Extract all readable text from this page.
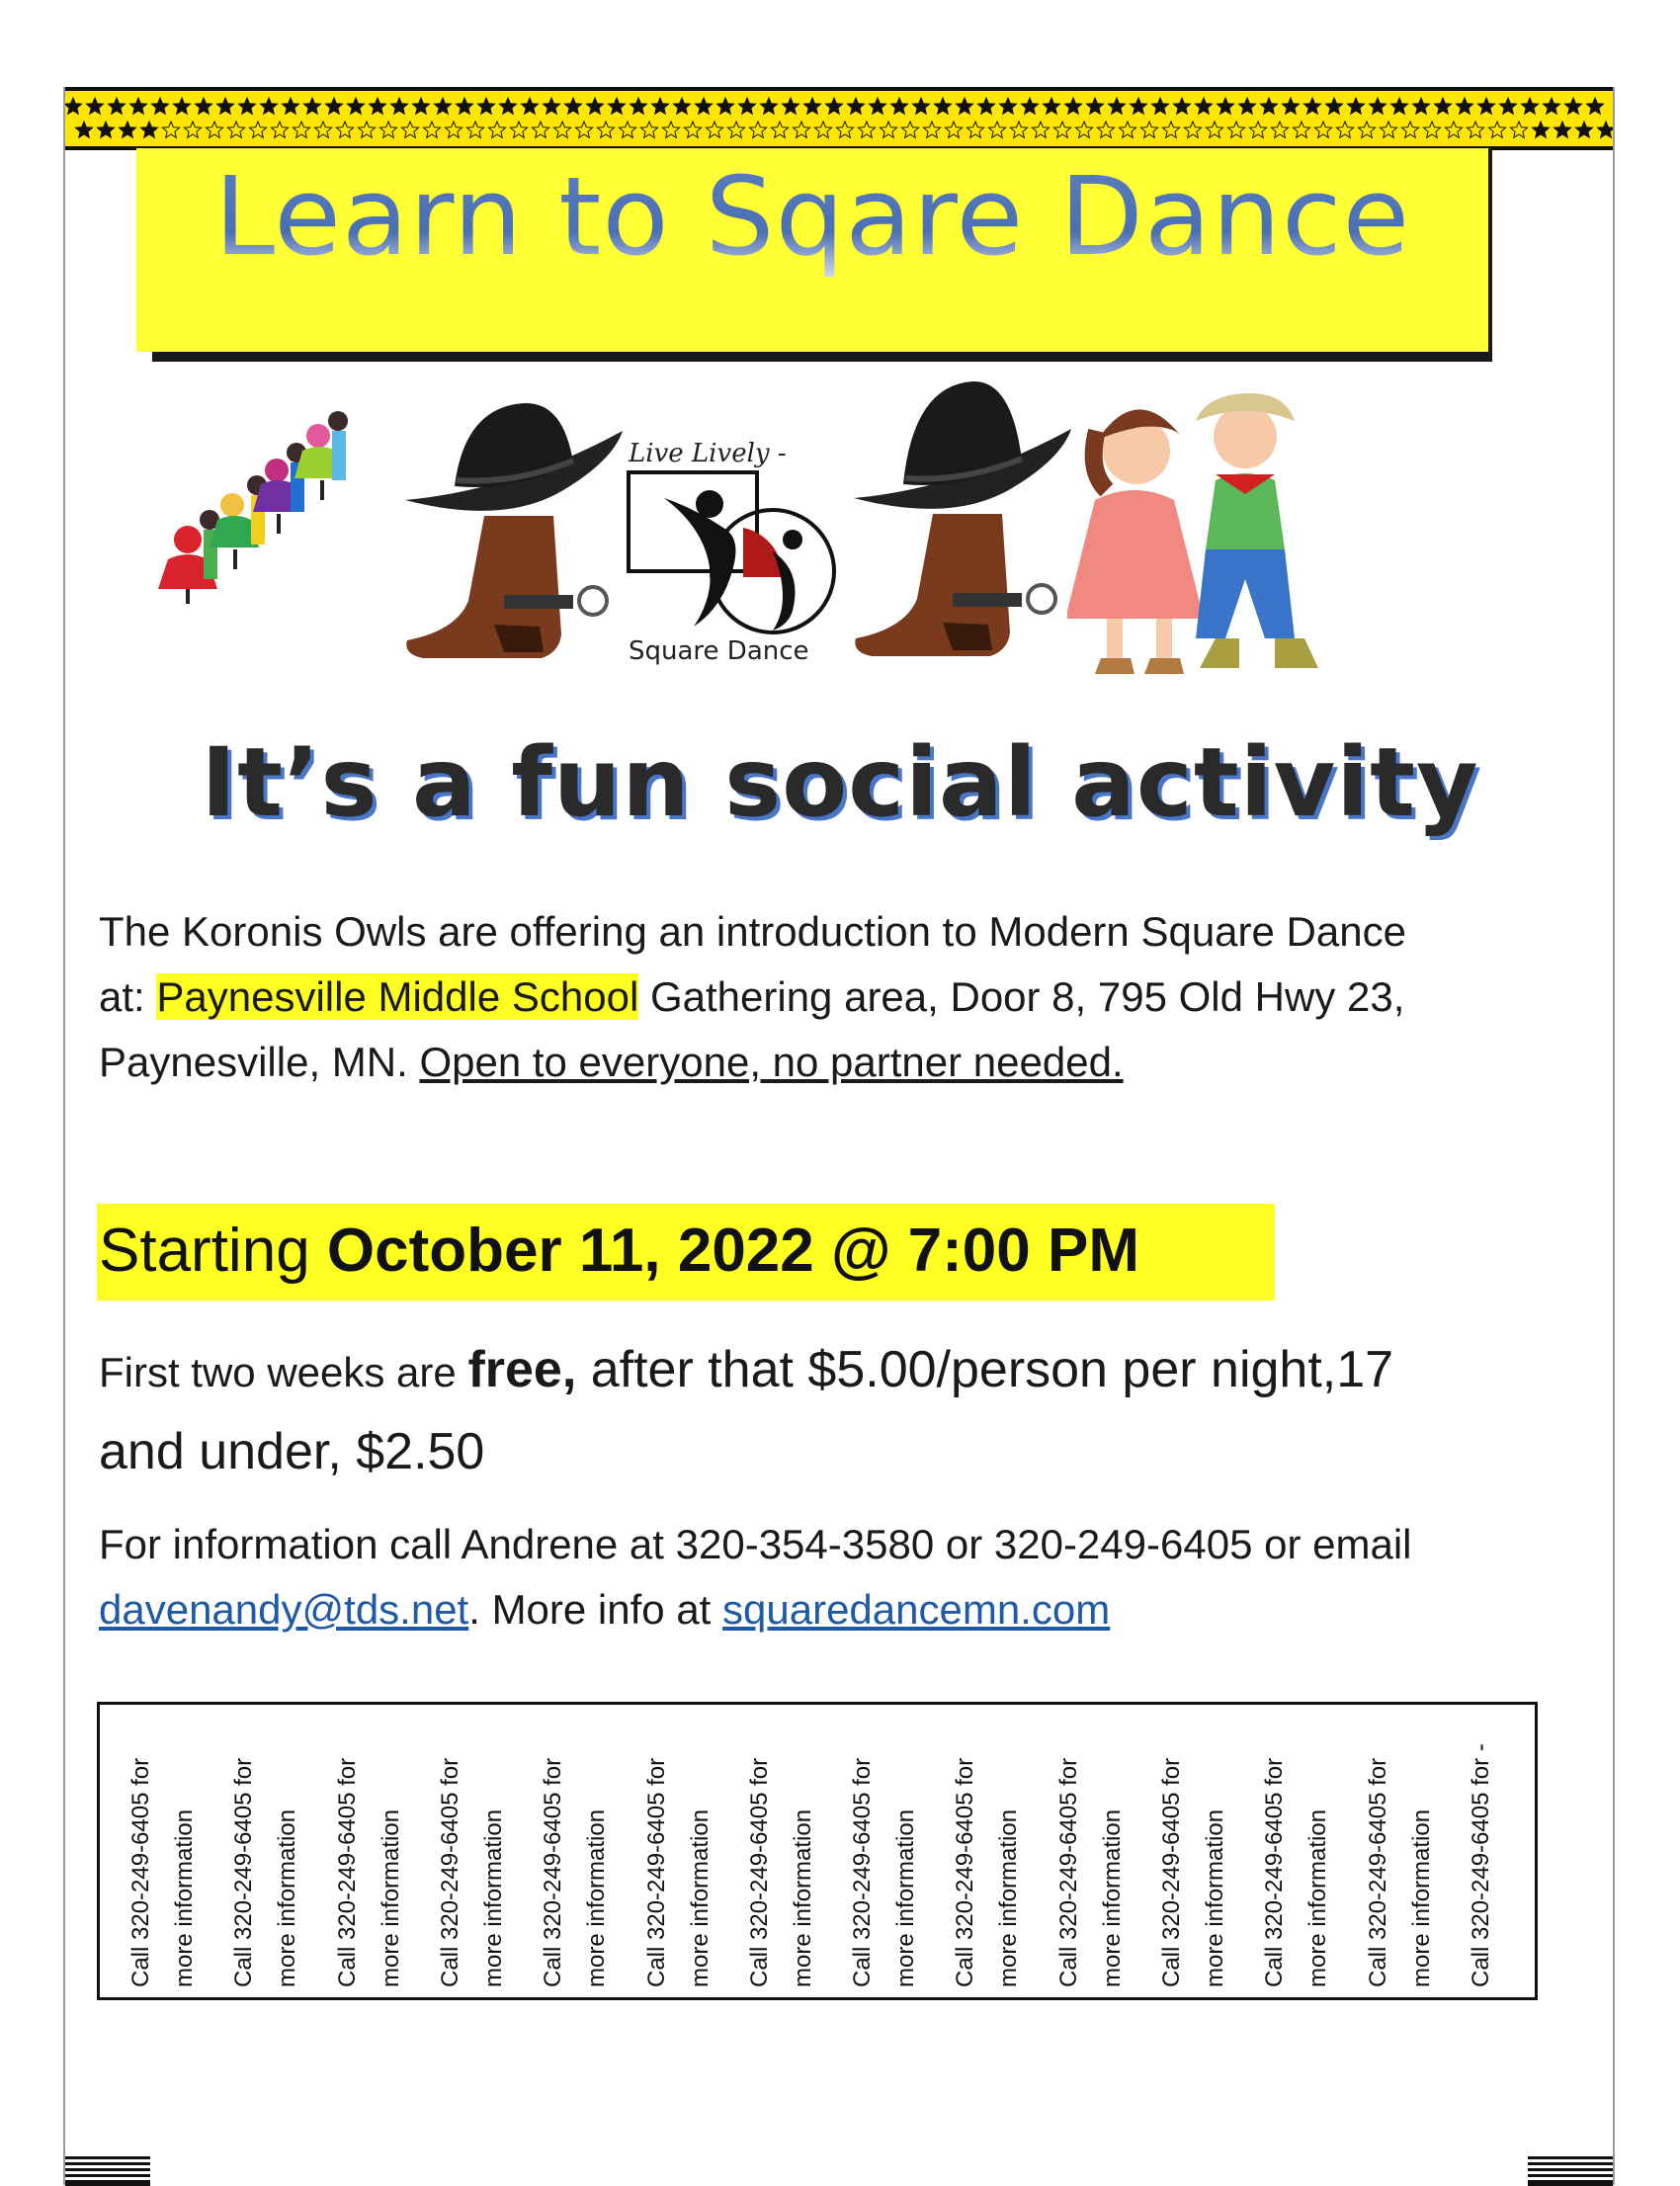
Learn to Sqare Dance
Live Lively -
Square Dance
It’s a fun social activity
The Koronis Owls are offering an introduction to Modern Square Dance
at: Paynesville Middle School Gathering area, Door 8, 795 Old Hwy 23,
Paynesville, MN. Open to everyone, no partner needed.
Starting October 11, 2022 @ 7:00 PM
First two weeks are free, after that $5.00/person per night,17
and under, $2.50
For information call Andrene at 320-354-3580 or 320-249-6405 or email
davenandy@tds.net. More info at squaredancemn.com
Call 320-249-6405 for more information	Call 320-249-6405 for more information	Call 320-249-6405 for more information	Call 320-249-6405 for more information	Call 320-249-6405 for more information	Call 320-249-6405 for more information	Call 320-249-6405 for more information	Call 320-249-6405 for more information	Call 320-249-6405 for more information	Call 320-249-6405 for more information	Call 320-249-6405 for more information	Call 320-249-6405 for more information	Call 320-249-6405 for more information	Call 320-249-6405 for -
